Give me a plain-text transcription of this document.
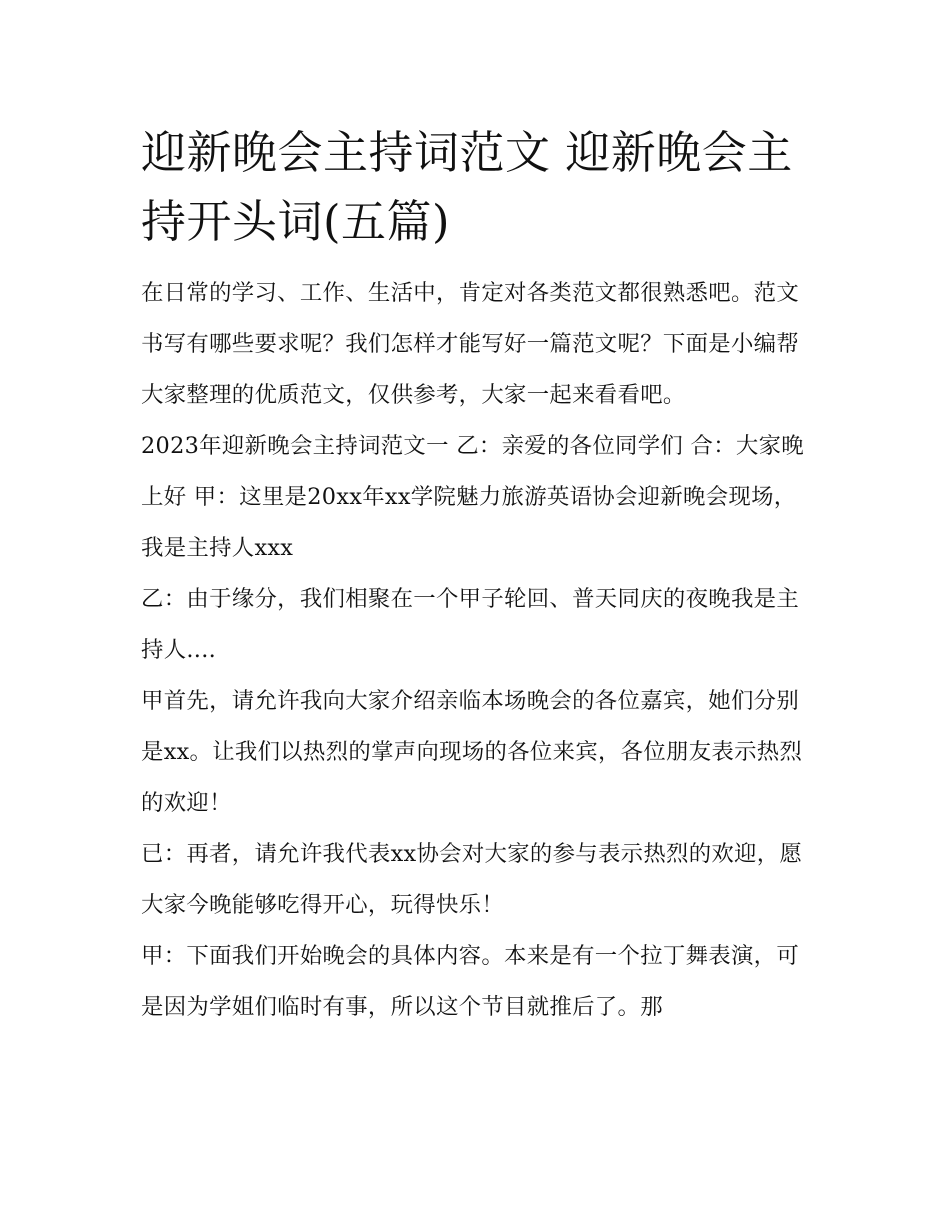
迎新晚会主持词范文 迎新晚会主持开头词(五篇)

在日常的学习、工作、生活中，肯定对各类范文都很熟悉吧。范文书写有哪些要求呢？我们怎样才能写好一篇范文呢？下面是小编帮大家整理的优质范文，仅供参考，大家一起来看看吧。

2023年迎新晚会主持词范文一 乙：亲爱的各位同学们 合：大家晚上好 甲：这里是20xx年xx学院魅力旅游英语协会迎新晚会现场，我是主持人xxx

乙：由于缘分，我们相聚在一个甲子轮回、普天同庆的夜晚我是主持人....

甲首先，请允许我向大家介绍亲临本场晚会的各位嘉宾，她们分别是xx。让我们以热烈的掌声向现场的各位来宾，各位朋友表示热烈的欢迎！

已：再者，请允许我代表xx协会对大家的参与表示热烈的欢迎，愿大家今晚能够吃得开心，玩得快乐！

甲：下面我们开始晚会的具体内容。本来是有一个拉丁舞表演，可是因为学姐们临时有事，所以这个节目就推后了。那
